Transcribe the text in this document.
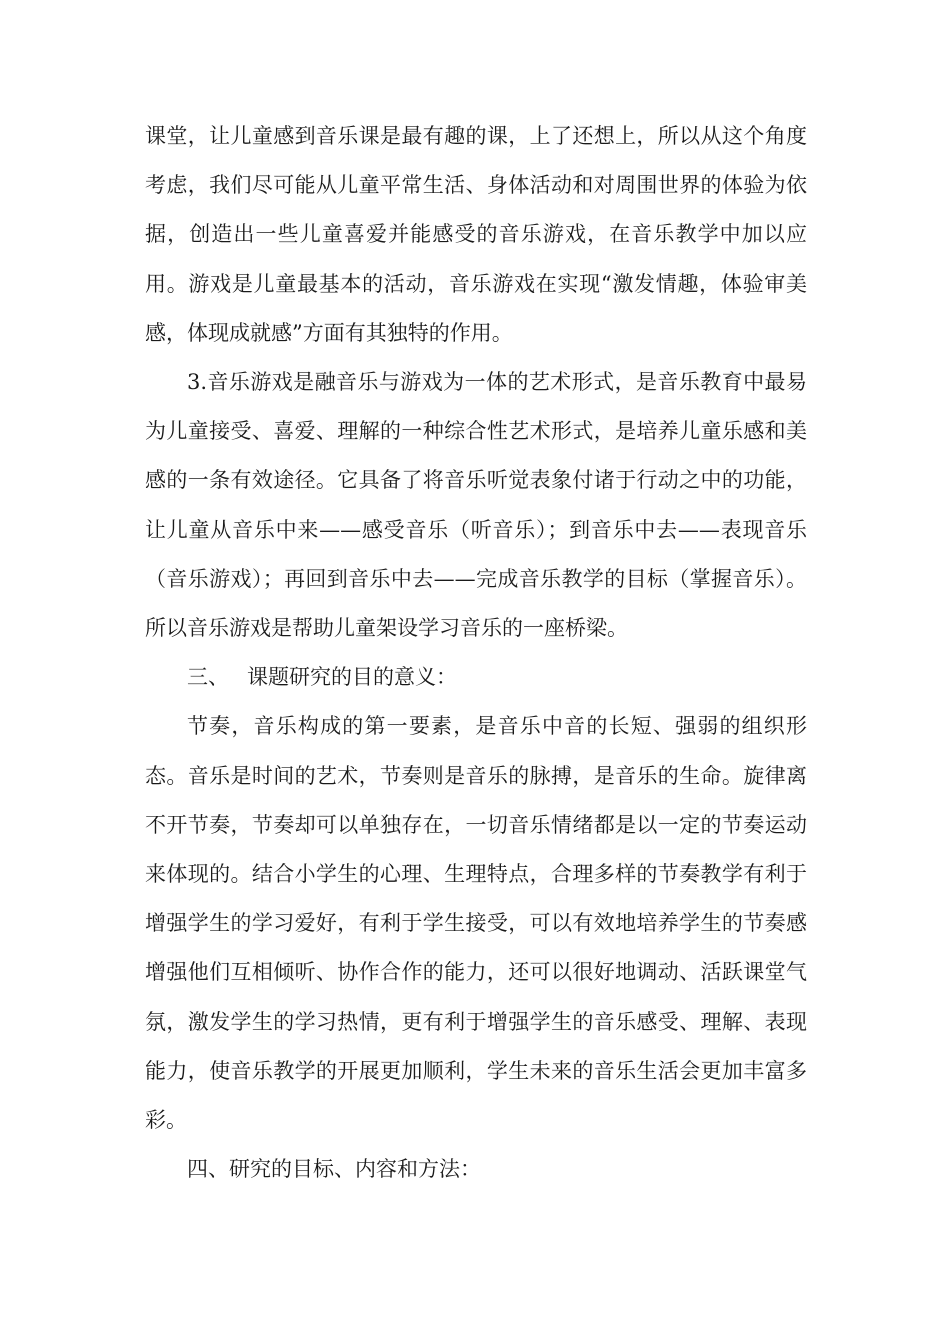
课堂，让儿童感到音乐课是最有趣的课，上了还想上，所以从这个角度考虑，我们尽可能从儿童平常生活、身体活动和对周围世界的体验为依据，创造出一些儿童喜爱并能感受的音乐游戏，在音乐教学中加以应用。游戏是儿童最基本的活动，音乐游戏在实现“激发情趣，体验审美感，体现成就感”方面有其独特的作用。

3.音乐游戏是融音乐与游戏为一体的艺术形式，是音乐教育中最易为儿童接受、喜爱、理解的一种综合性艺术形式，是培养儿童乐感和美感的一条有效途径。它具备了将音乐听觉表象付诸于行动之中的功能，让儿童从音乐中来——感受音乐（听音乐）；到音乐中去——表现音乐（音乐游戏）；再回到音乐中去——完成音乐教学的目标（掌握音乐）。所以音乐游戏是帮助儿童架设学习音乐的一座桥梁。

三、 课题研究的目的意义：

节奏，音乐构成的第一要素，是音乐中音的长短、强弱的组织形态。音乐是时间的艺术，节奏则是音乐的脉搏，是音乐的生命。旋律离不开节奏，节奏却可以单独存在，一切音乐情绪都是以一定的节奏运动来体现的。结合小学生的心理、生理特点，合理多样的节奏教学有利于增强学生的学习爱好，有利于学生接受，可以有效地培养学生的节奏感增强他们互相倾听、协作合作的能力，还可以很好地调动、活跃课堂气氛，激发学生的学习热情，更有利于增强学生的音乐感受、理解、表现能力，使音乐教学的开展更加顺利，学生未来的音乐生活会更加丰富多彩。

四、研究的目标、内容和方法：
